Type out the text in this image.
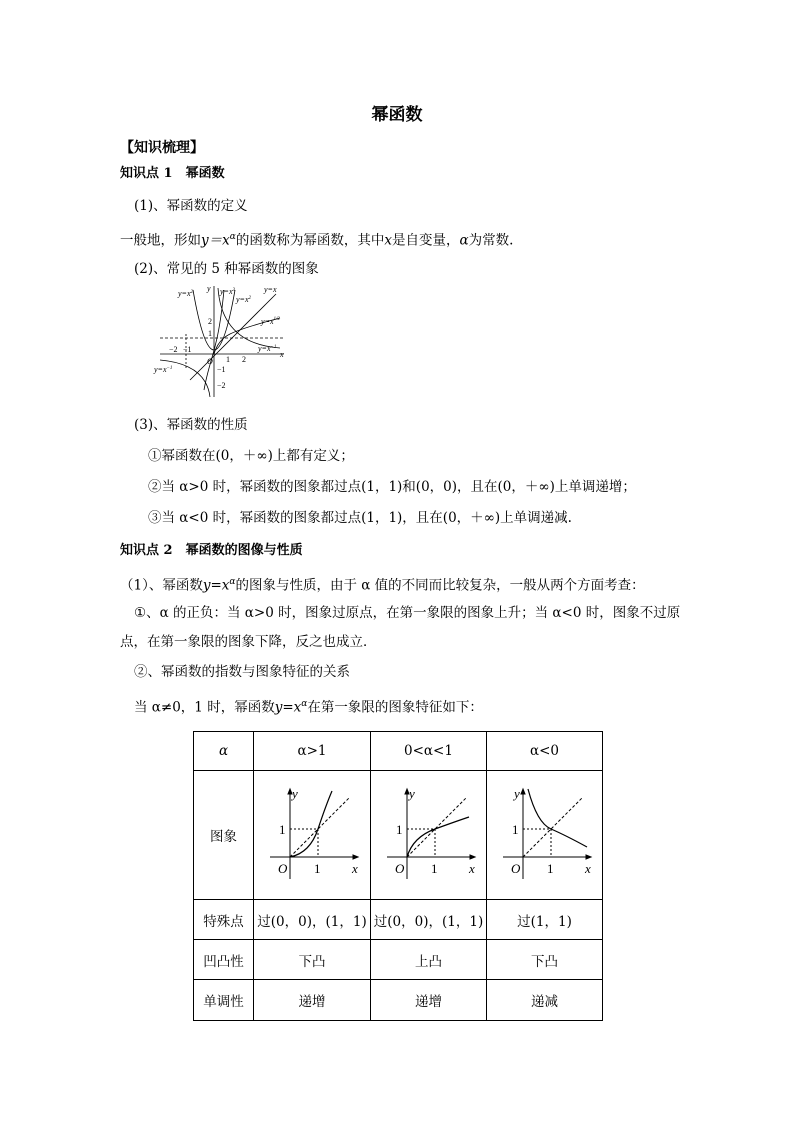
幂函数
【知识梳理】
知识点 1　幂函数
(1)、幂函数的定义
一般地，形如$y=x^\alpha$的函数称为幂函数，其中x是自变量，α为常数.
(2)、常见的 5 种幂函数的图象
x
y
O
2
1
−2 −1
1 2
−1
−2
$y=x^2$	$y=x^3$
$y=x^2$
y=x
$y=x^{1/2}$
$y=x^{-1}$
$y=x^{-1}$
(3)、幂函数的性质
①幂函数在(0，＋∞)上都有定义；
②当 α>0 时，幂函数的图象都过点(1，1)和(0，0)，且在(0，＋∞)上单调递增；
③当 α<0 时，幂函数的图象都过点(1，1)，且在(0，＋∞)上单调递减.
知识点 2　幂函数的图像与性质
（1）、幂函数$y=x^\alpha$的图象与性质，由于 α 值的不同而比较复杂，一般从两个方面考查：
①、α 的正负：当 α>0 时，图象过原点，在第一象限的图象上升；当 α<0 时，图象不过原
点，在第一象限的图象下降，反之也成立．
②、幂函数的指数与图象特征的关系
当 α≠0，1 时，幂函数$y=x^\alpha$在第一象限的图象特征如下：
α	α>1	0<α<1	α<0
图象	y
x
O
1
1	y
x
O
1
1	y
x
O
1
1

特殊点	过(0，0)，(1，1)	过(0，0)，(1，1)	过(1，1)
凹凸性	下凸	上凸	下凸
单调性	递增	递增	递减
